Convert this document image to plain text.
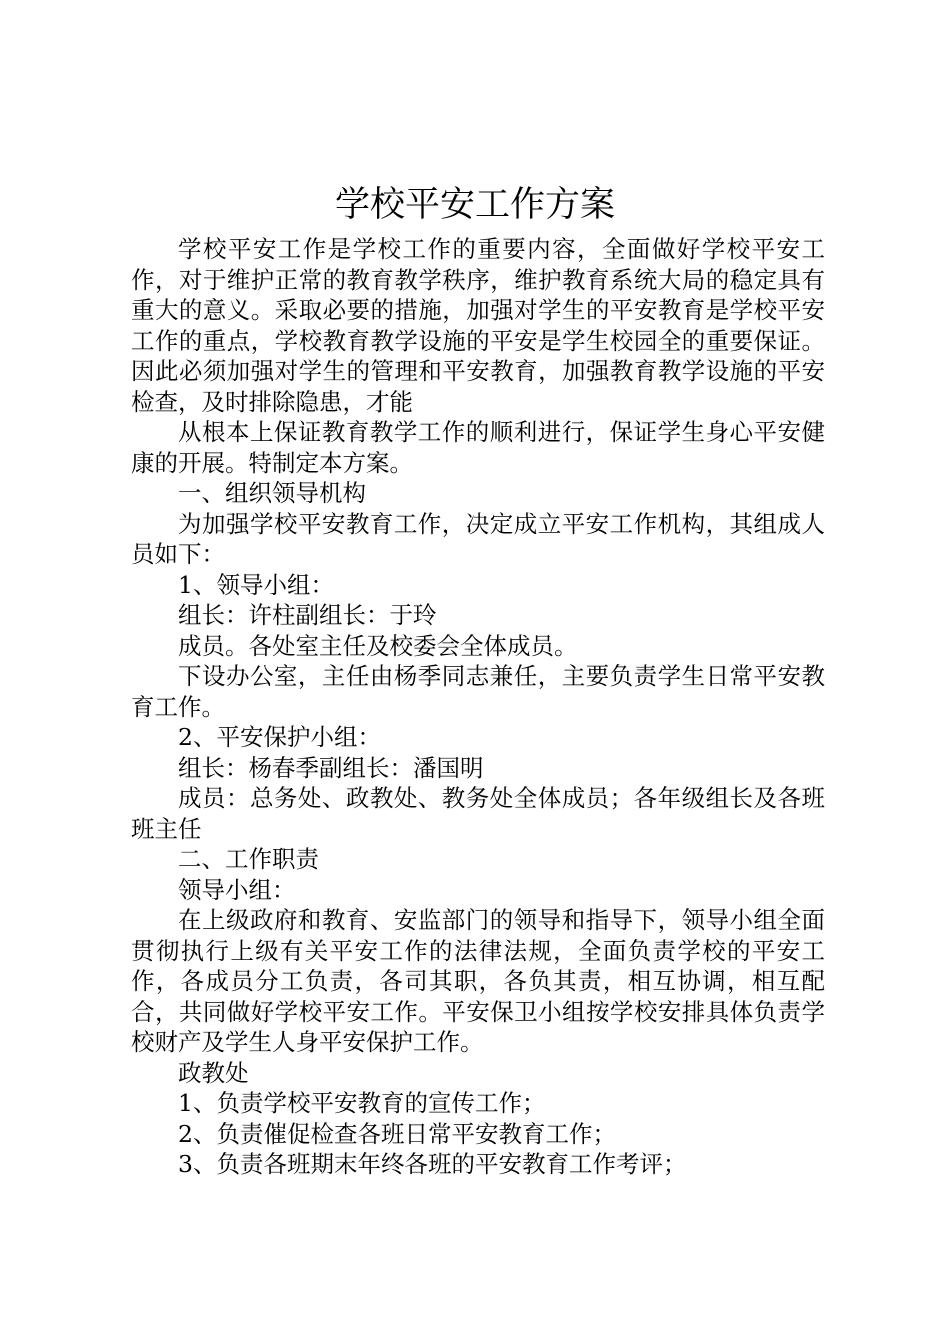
学校平安工作方案

学校平安工作是学校工作的重要内容，全面做好学校平安工作，对于维护正常的教育教学秩序，维护教育系统大局的稳定具有重大的意义。采取必要的措施，加强对学生的平安教育是学校平安工作的重点，学校教育教学设施的平安是学生校园全的重要保证。因此必须加强对学生的管理和平安教育，加强教育教学设施的平安检查，及时排除隐患，才能

从根本上保证教育教学工作的顺利进行，保证学生身心平安健康的开展。特制定本方案。

一、组织领导机构

为加强学校平安教育工作，决定成立平安工作机构，其组成人员如下：

1、领导小组：

组长：许柱副组长：于玲

成员。各处室主任及校委会全体成员。

下设办公室，主任由杨季同志兼任，主要负责学生日常平安教育工作。

2、平安保护小组：

组长：杨春季副组长：潘国明

成员：总务处、政教处、教务处全体成员；各年级组长及各班班主任

二、工作职责

领导小组：

在上级政府和教育、安监部门的领导和指导下，领导小组全面贯彻执行上级有关平安工作的法律法规，全面负责学校的平安工作，各成员分工负责，各司其职，各负其责，相互协调，相互配合，共同做好学校平安工作。平安保卫小组按学校安排具体负责学校财产及学生人身平安保护工作。

政教处

1、负责学校平安教育的宣传工作；

2、负责催促检查各班日常平安教育工作；

3、负责各班期末年终各班的平安教育工作考评；
